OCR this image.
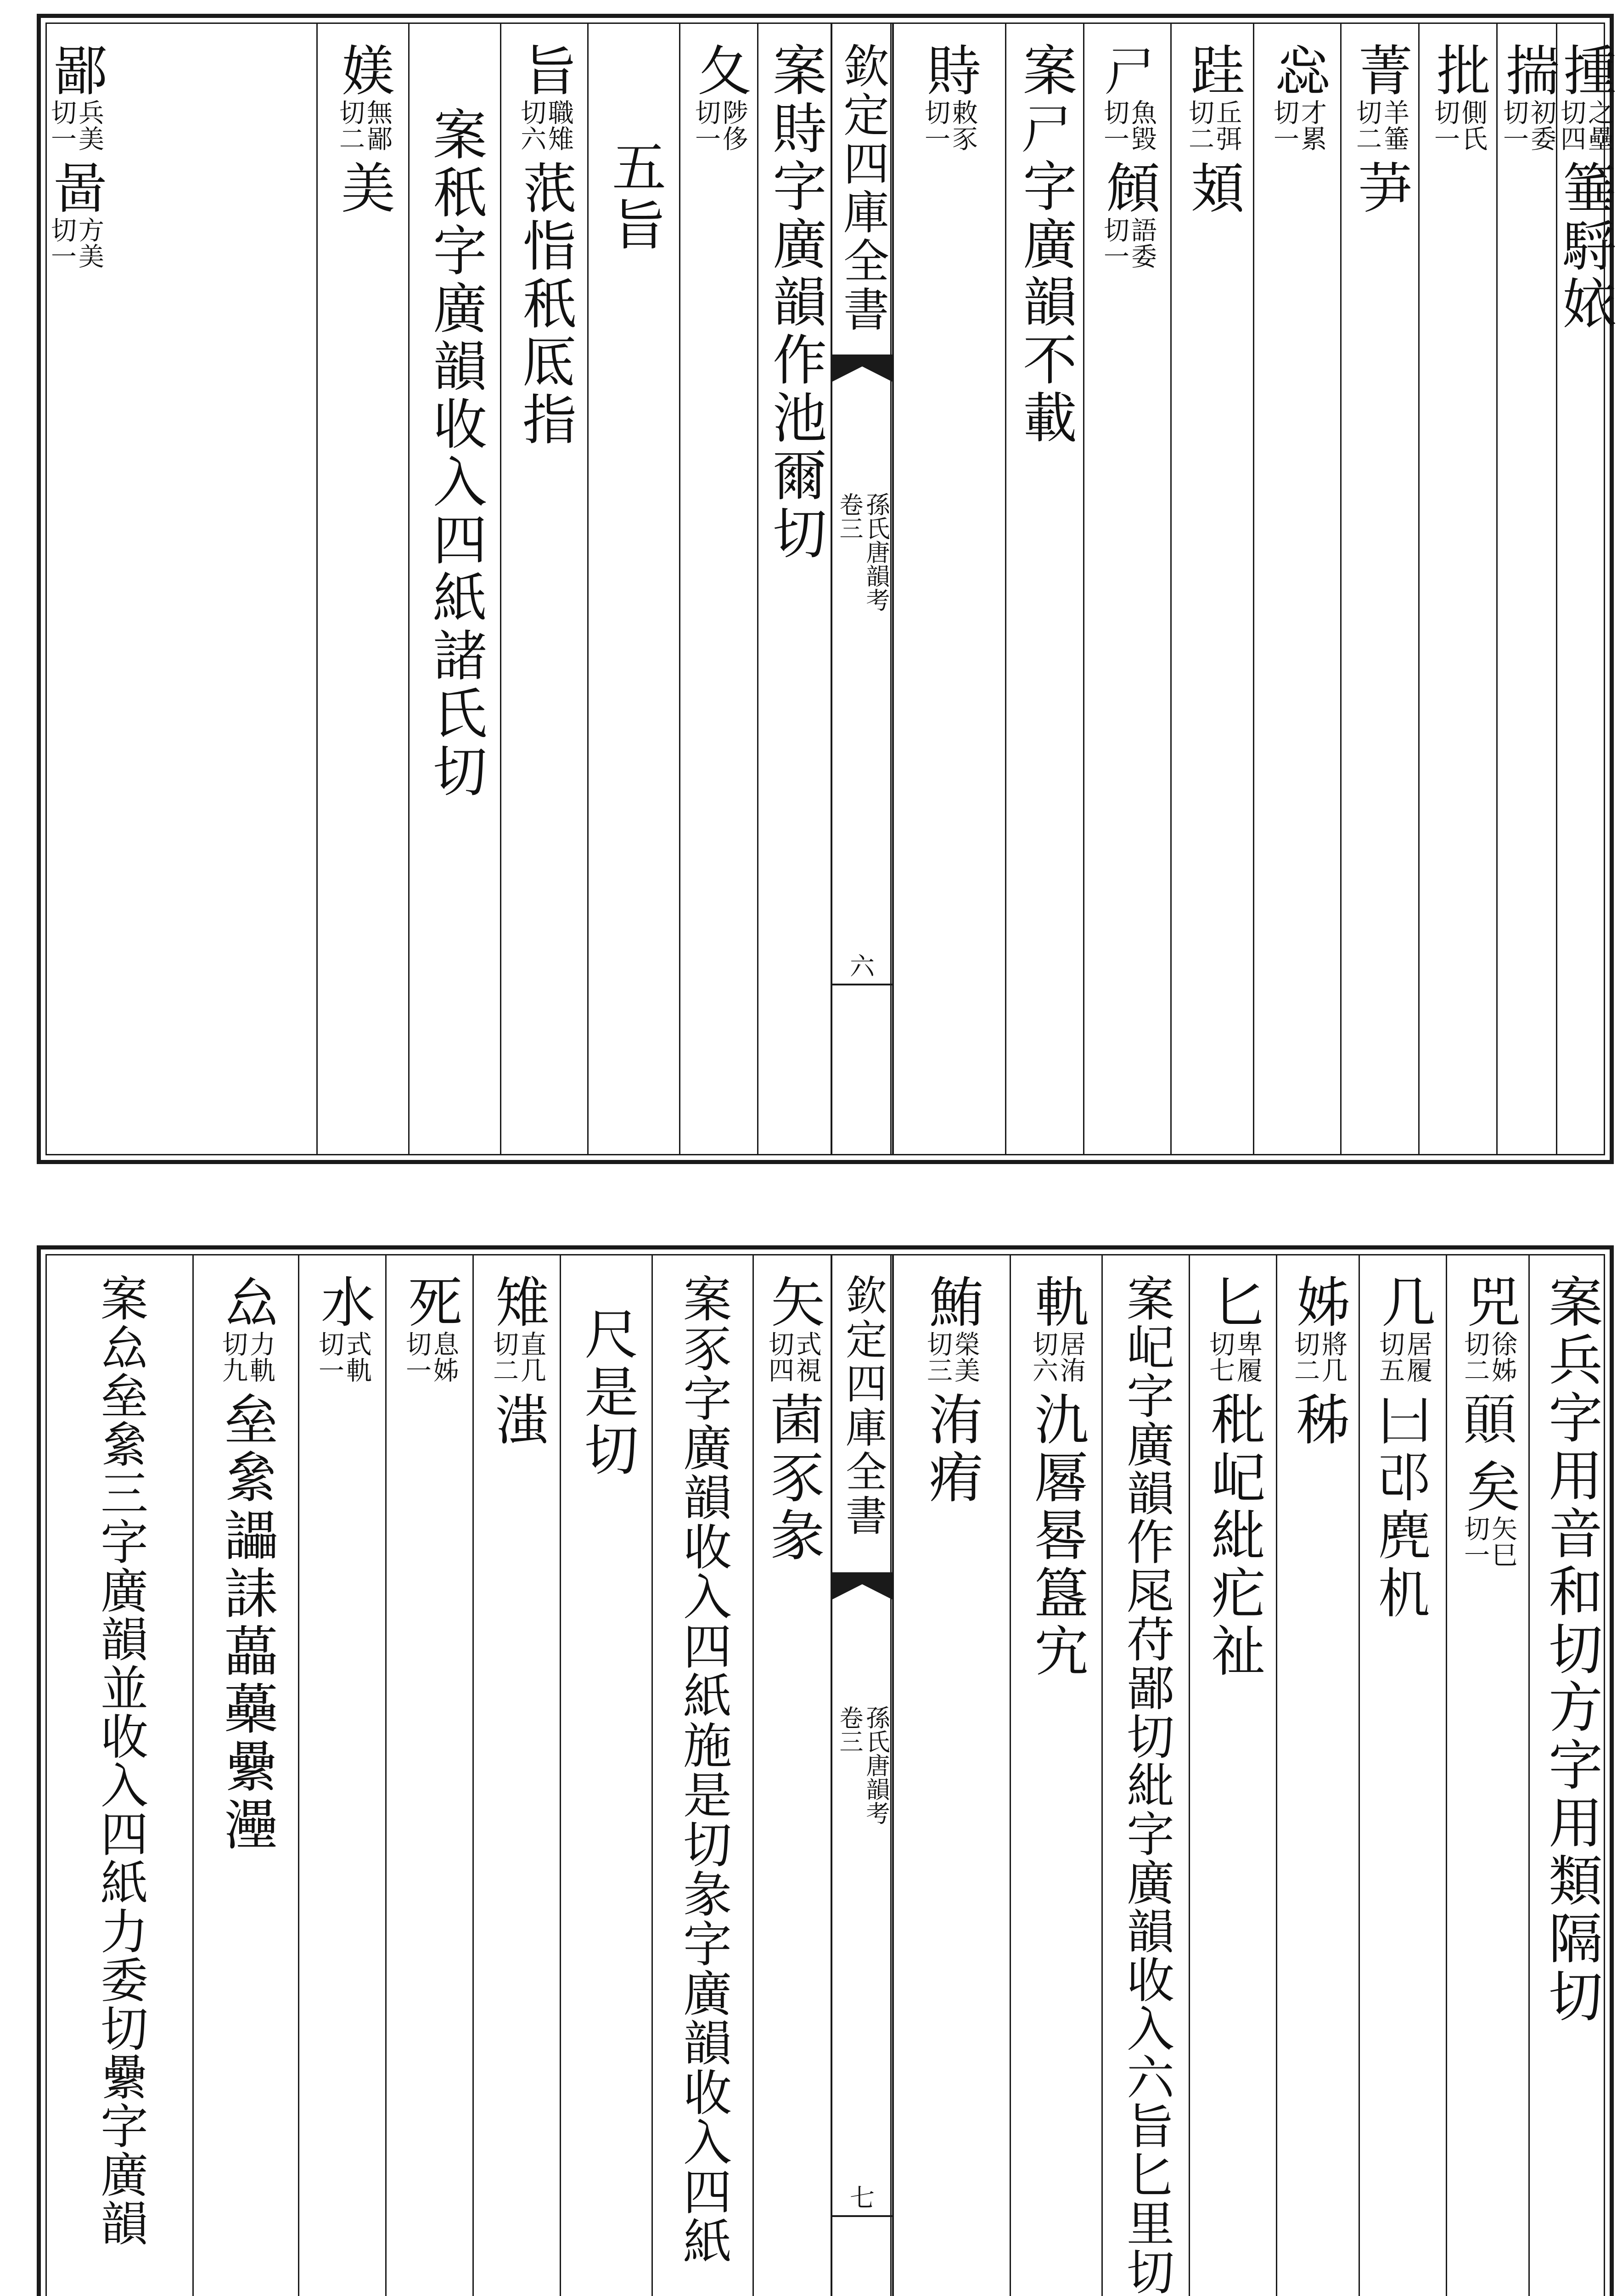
揰
之壘
切四
箠䮑㛄
揣
初委
切一
批
側氏
切一
菁
羊箠
切二
芛
惢
才累
切一
跬
丘弭
切二
頍
𡰣
魚毀
切一
頠
語委
切一
案𡰣字廣韻不載
欽定四庫全書
孫氏唐韻考
卷三
六
䝰
敕豕
切一
案䝰字廣韻作池爾切
夂
陟侈
切一
五旨
旨
職雉
切六
䓋恉秖厎指
案秖字廣韻收入四紙諸氏切
媄
無鄙
切二
美
鄙
兵美
切一
啚
方美
切一
案兵字用音和切方字用類隔切
兕
徐姊
切二
𩔊
矣
矢巳
切一
几
居履
切五
𠙵邔麂机
姊
將几
切二
秭
匕
卑履
切七
秕屺紕疕祉
案屺字廣韻作㞑苻鄙切紕字廣韻收入六旨匕里切
軌
居洧
切六
氿厬晷簋宄
鮪
榮美
切三
洧痏
欽定四庫全書
孫氏唐韻考
卷三
七
矢
式視
切四
菌豕彖
案豕字廣韻收入四紙施是切彖字廣韻收入四紙
尺是切
雉
直几
切二
滍
死
息姊
切一
水
式軌
切一
厽
力軌
切九
垒絫讄誄藟蘽纍灅
案厽垒絫三字廣韻並收入四紙力委切纍字廣韻
